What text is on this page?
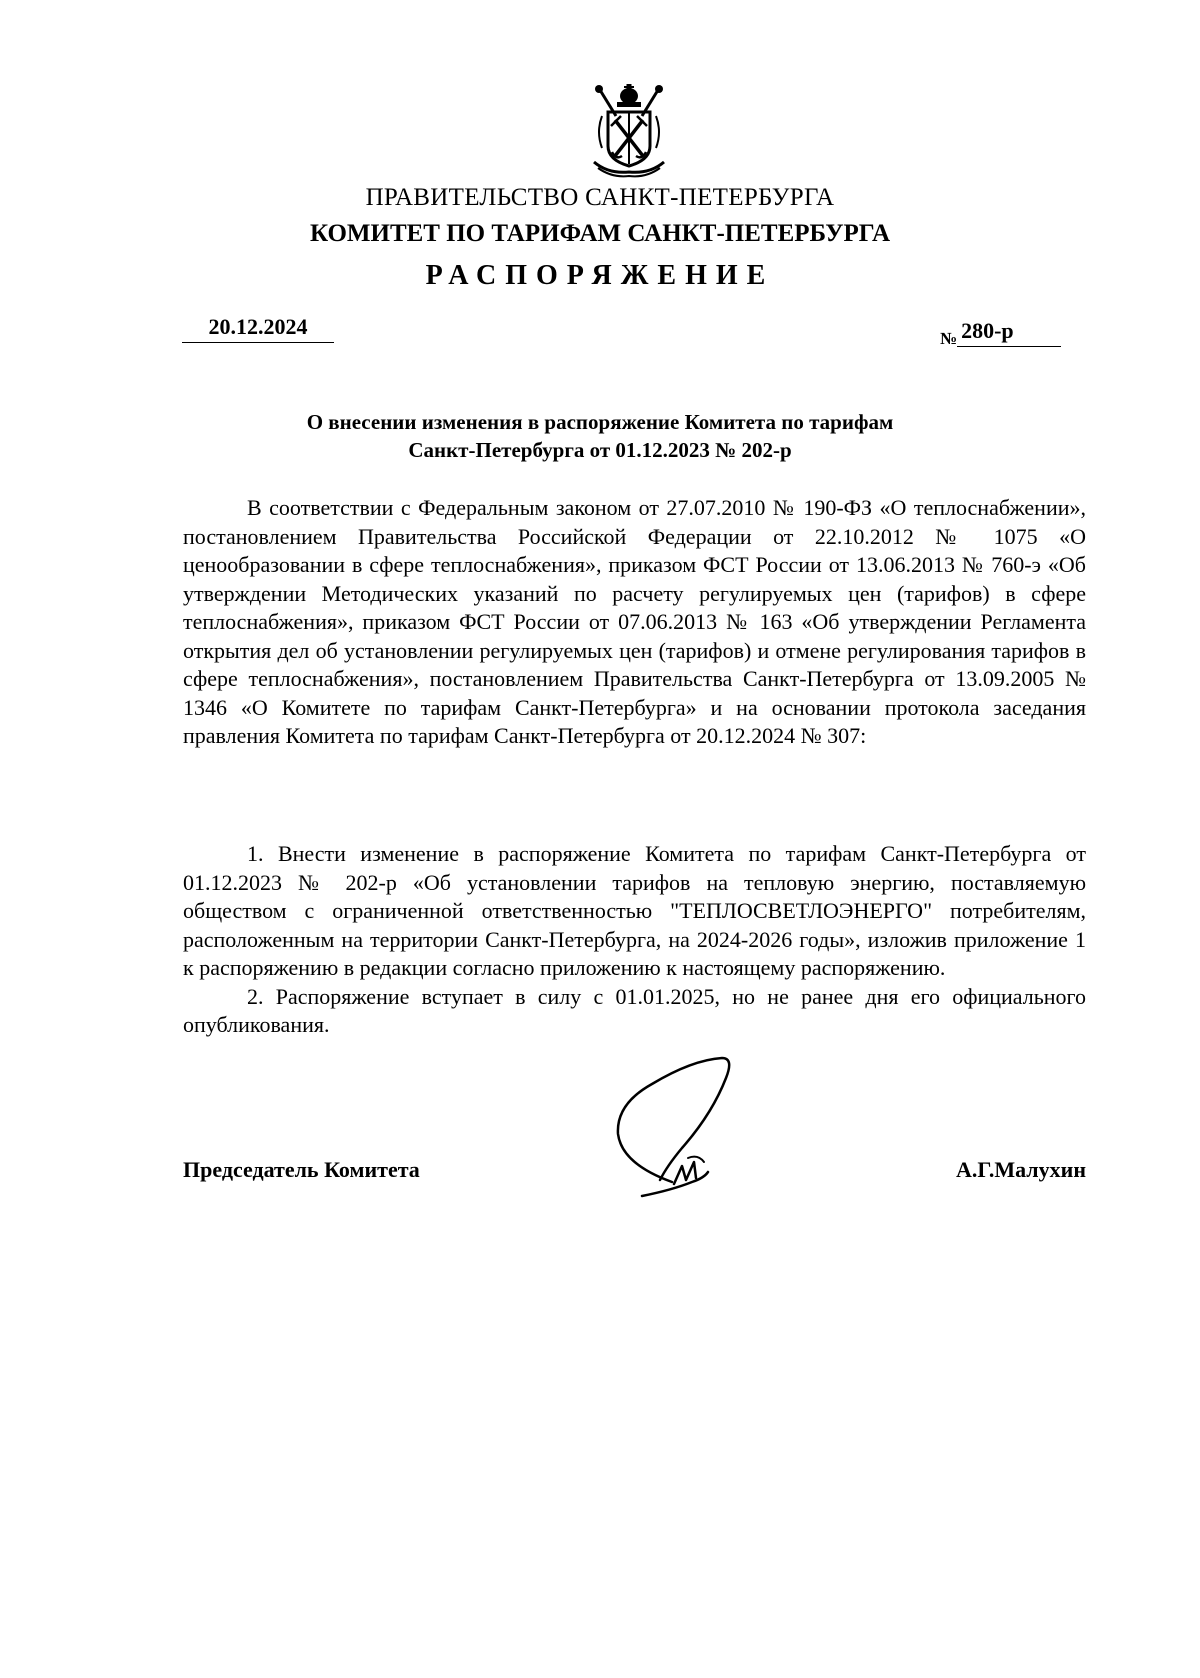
ПРАВИТЕЛЬСТВО САНКТ-ПЕТЕРБУРГА
КОМИТЕТ ПО ТАРИФАМ САНКТ-ПЕТЕРБУРГА
РАСПОРЯЖЕНИЕ
20.12.2024	$_№$ 280-р
О внесении изменения в распоряжение Комитета по тарифам
Санкт-Петербурга от 01.12.2023 № 202-р

В соответствии с Федеральным законом от 27.07.2010 № 190-ФЗ «О теплоснабжении», постановлением Правительства Российской Федерации от 22.10.2012 № 1075 «О ценообразовании в сфере теплоснабжения», приказом ФСТ России от 13.06.2013 № 760-э «Об утверждении Методических указаний по расчету регулируемых цен (тарифов) в сфере теплоснабжения», приказом ФСТ России от 07.06.2013 № 163 «Об утверждении Регламента открытия дел об установлении регулируемых цен (тарифов) и отмене регулирования тарифов в сфере теплоснабжения», постановлением Правительства Санкт-Петербурга от 13.09.2005 № 1346 «О Комитете по тарифам Санкт-Петербурга» и на основании протокола заседания правления Комитета по тарифам Санкт-Петербурга от 20.12.2024 № 307:

1. Внести изменение в распоряжение Комитета по тарифам Санкт-Петербурга от 01.12.2023 № 202-р «Об установлении тарифов на тепловую энергию, поставляемую обществом с ограниченной ответственностью "ТЕПЛОСВЕТЛОЭНЕРГО" потребителям, расположенным на территории Санкт-Петербурга, на 2024-2026 годы», изложив приложение 1 к распоряжению в редакции согласно приложению к настоящему распоряжению.

2. Распоряжение вступает в силу с 01.01.2025, но не ранее дня его официального опубликования.

Председатель Комитета	А.Г.Малухин
